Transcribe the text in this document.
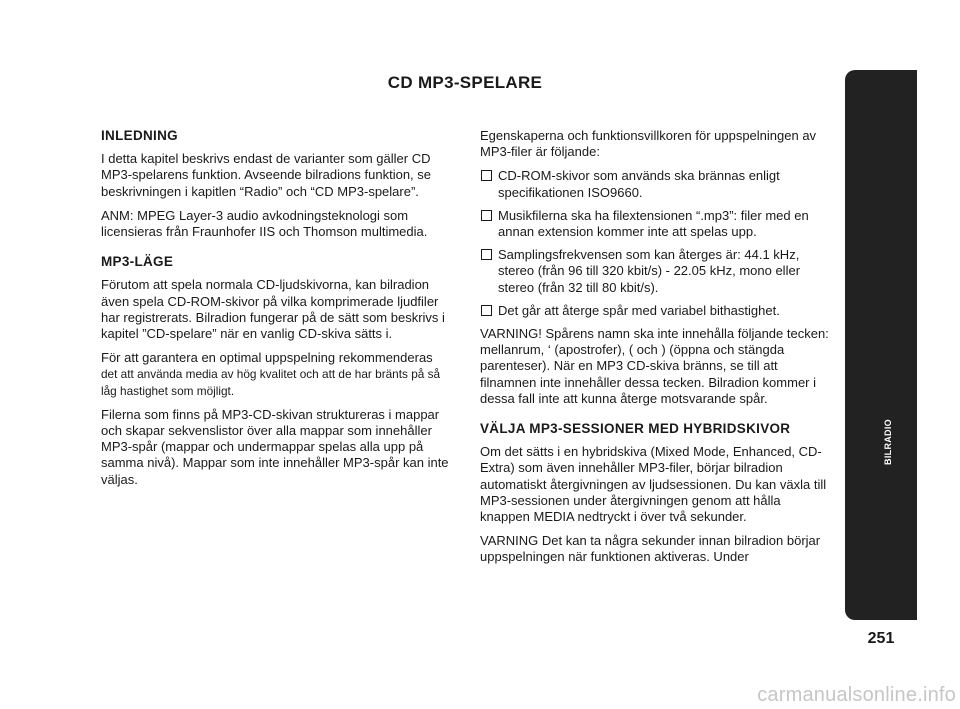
CD MP3-SPELARE
INLEDNING

I detta kapitel beskrivs endast de varianter som gäller CD MP3-spelarens funktion. Avseende bilradions funktion, se beskrivningen i kapitlen “Radio” och “CD MP3-spelare”.

ANM: MPEG Layer-3 audio avkodningsteknologi som licensieras från Fraunhofer IIS och Thomson multimedia.

MP3-LÄGE

Förutom att spela normala CD-ljudskivorna, kan bilradion även spela CD-ROM-skivor på vilka komprimerade ljudfiler har registrerats. Bilradion fungerar på de sätt som beskrivs i kapitel ”CD-spelare” när en vanlig CD-skiva sätts i.

För att garantera en optimal uppspelning rekommenderas
det att använda media av hög kvalitet och att de har bränts på så låg hastighet som möjligt.

Filerna som finns på MP3-CD-skivan struktureras i mappar och skapar sekvenslistor över alla mappar som innehåller MP3-spår (mappar och undermappar spelas alla upp på samma nivå). Mappar som inte innehåller MP3-spår kan inte väljas.

Egenskaperna och funktionsvillkoren för uppspelningen av MP3-filer är följande:

CD-ROM-skivor som används ska brännas enligt specifikationen ISO9660.
Musikfilerna ska ha filextensionen “.mp3”: filer med en annan extension kommer inte att spelas upp.
Samplingsfrekvensen som kan återges är: 44.1 kHz, stereo (från 96 till 320 kbit/s) - 22.05 kHz, mono eller stereo (från 32 till 80 kbit/s).
Det går att återge spår med variabel bithastighet.

VARNING! Spårens namn ska inte innehålla följande tecken: mellanrum, ‘ (apostrofer), ( och ) (öppna och stängda parenteser). När en MP3 CD-skiva bränns, se till att filnamnen inte innehåller dessa tecken. Bilradion kommer i dessa fall inte att kunna återge motsvarande spår.

VÄLJA MP3-SESSIONER MED HYBRIDSKIVOR

Om det sätts i en hybridskiva (Mixed Mode, Enhanced, CD-Extra) som även innehåller MP3-filer, börjar bilradion automatiskt återgivningen av ljudsessionen. Du kan växla till MP3-sessionen under återgivningen genom att hålla knappen MEDIA nedtryckt i över två sekunder.

VARNING Det kan ta några sekunder innan bilradion börjar uppspelningen när funktionen aktiveras. Under

BILRADIO
251
carmanualsonline.info
